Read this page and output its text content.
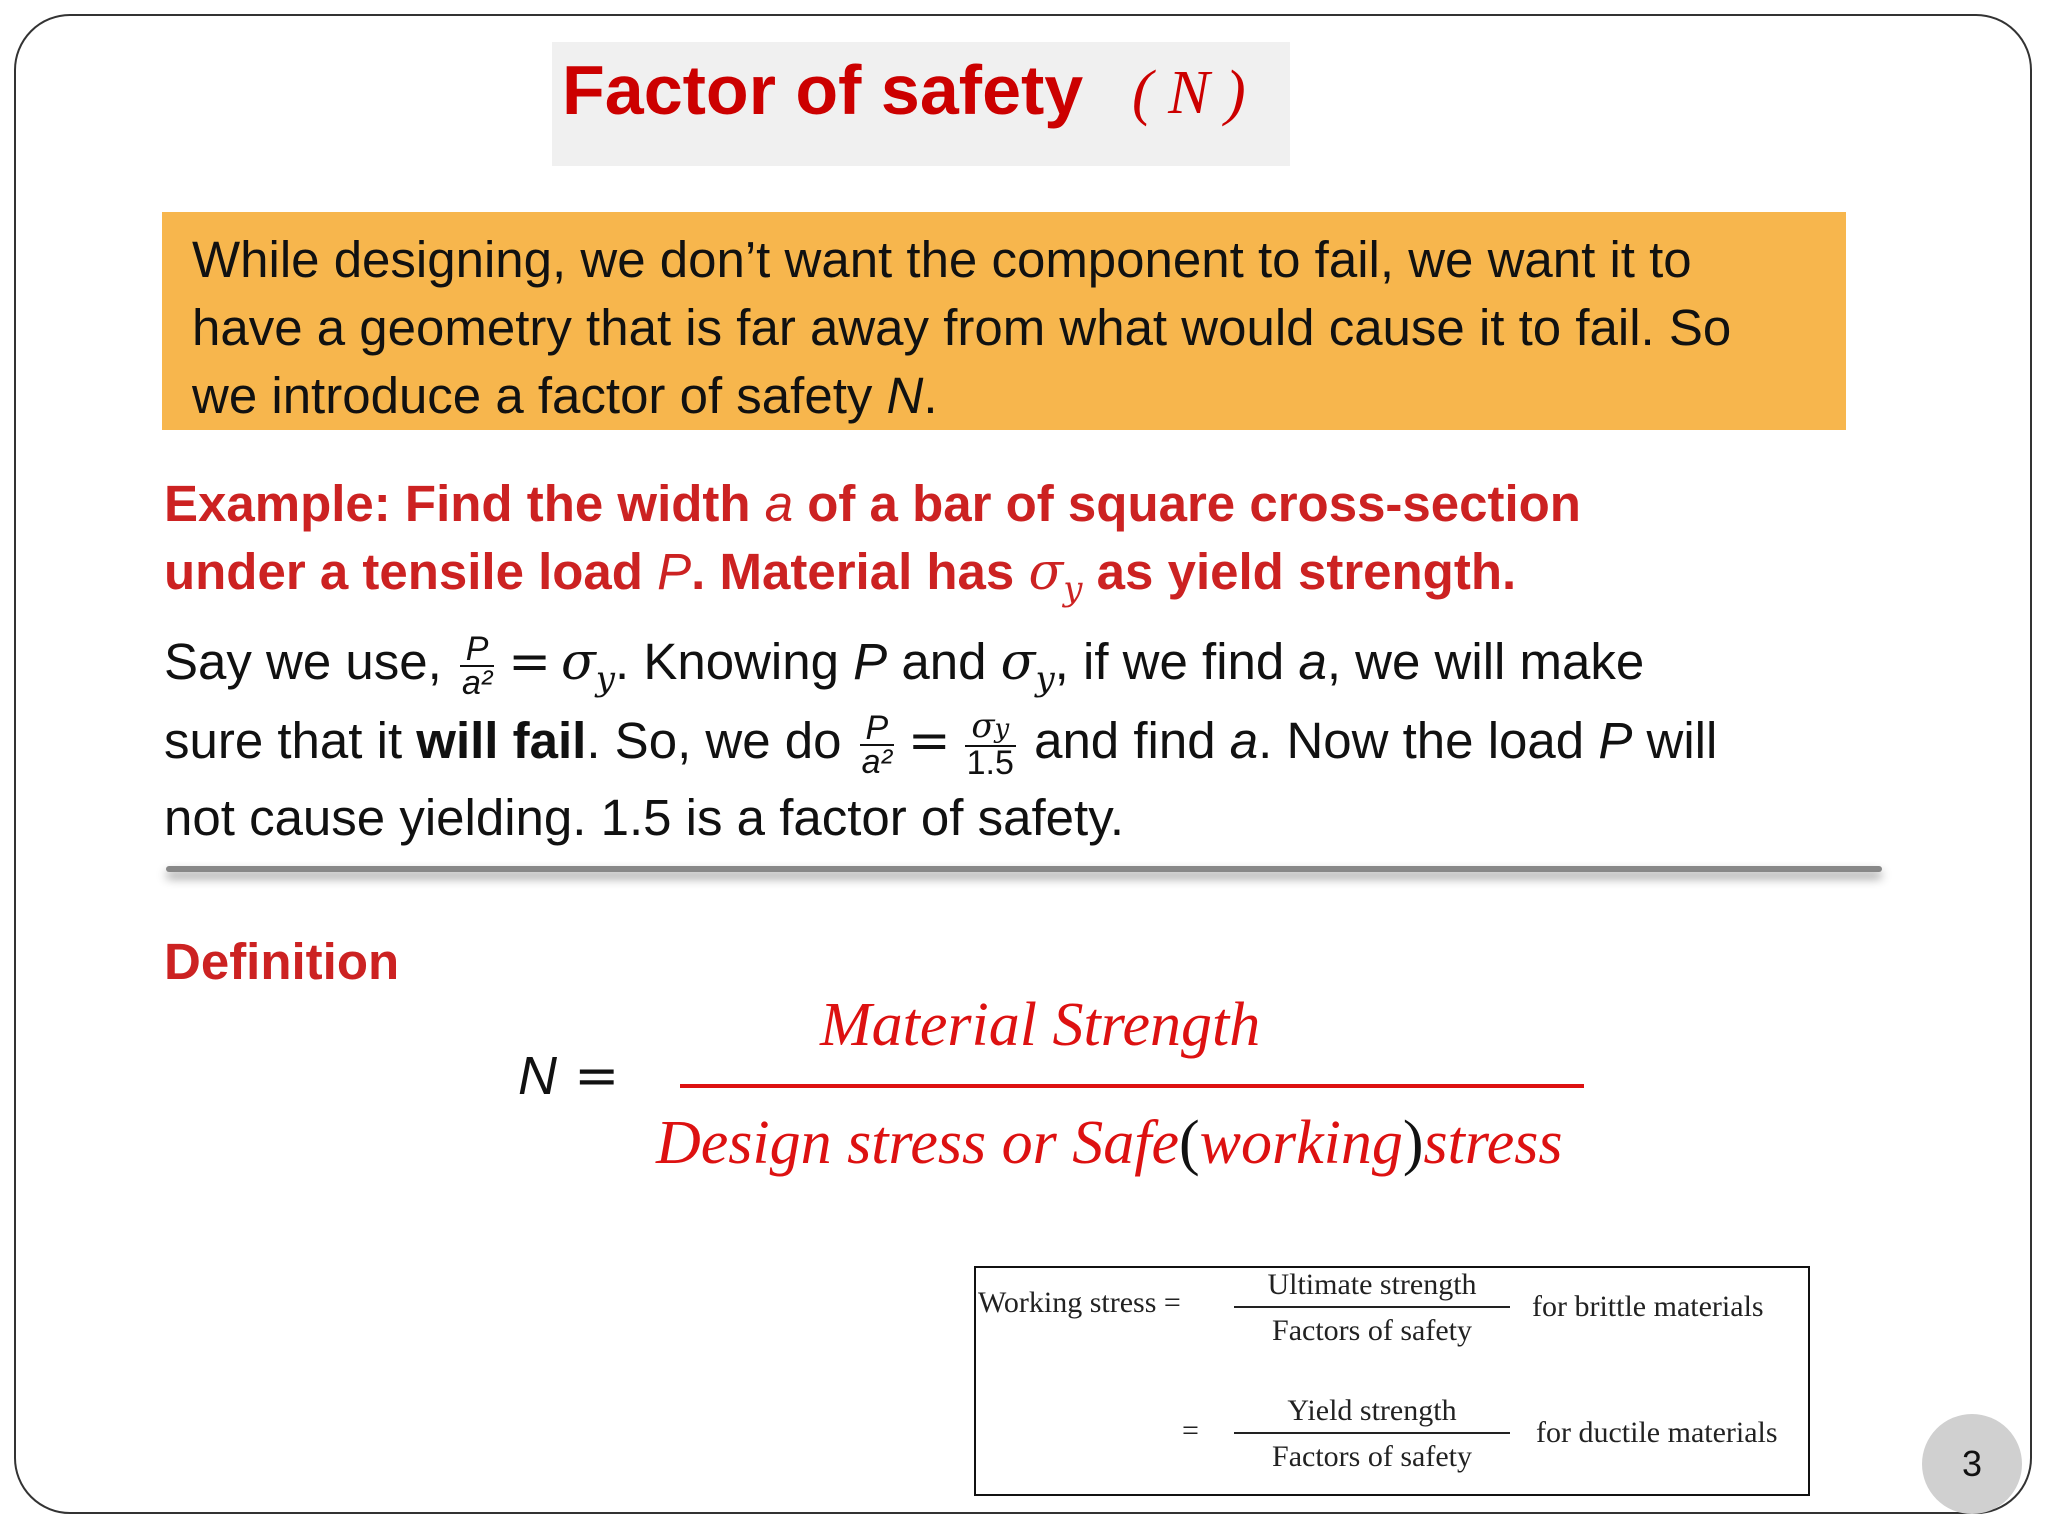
Factor of safety ( N )
While designing, we don’t want the component to fail, we want it to
have a geometry that is far away from what would cause it to fail. So
we introduce a factor of safety N.
Example: Find the width a of a bar of square cross-section
under a tensile load P. Material has $\sigma_y$ as yield strength.
Say we use, $\frac{P}{\text{a²}} = \sigma_y$. Knowing P and $\sigma_y$, if we find a, we will make
sure that it will fail. So, we do $\frac{P}{\text{a²}} = \frac{\sigma y}{1.5}$ and find a. Now the load P will
not cause yielding. 1.5 is a factor of safety.
Definition
N =
Material Strength
Design stress or Safe(working)stress
Working stress =
Ultimate strength
Factors of safety
for brittle materials
=
Yield strength
Factors of safety
for ductile materials
3
